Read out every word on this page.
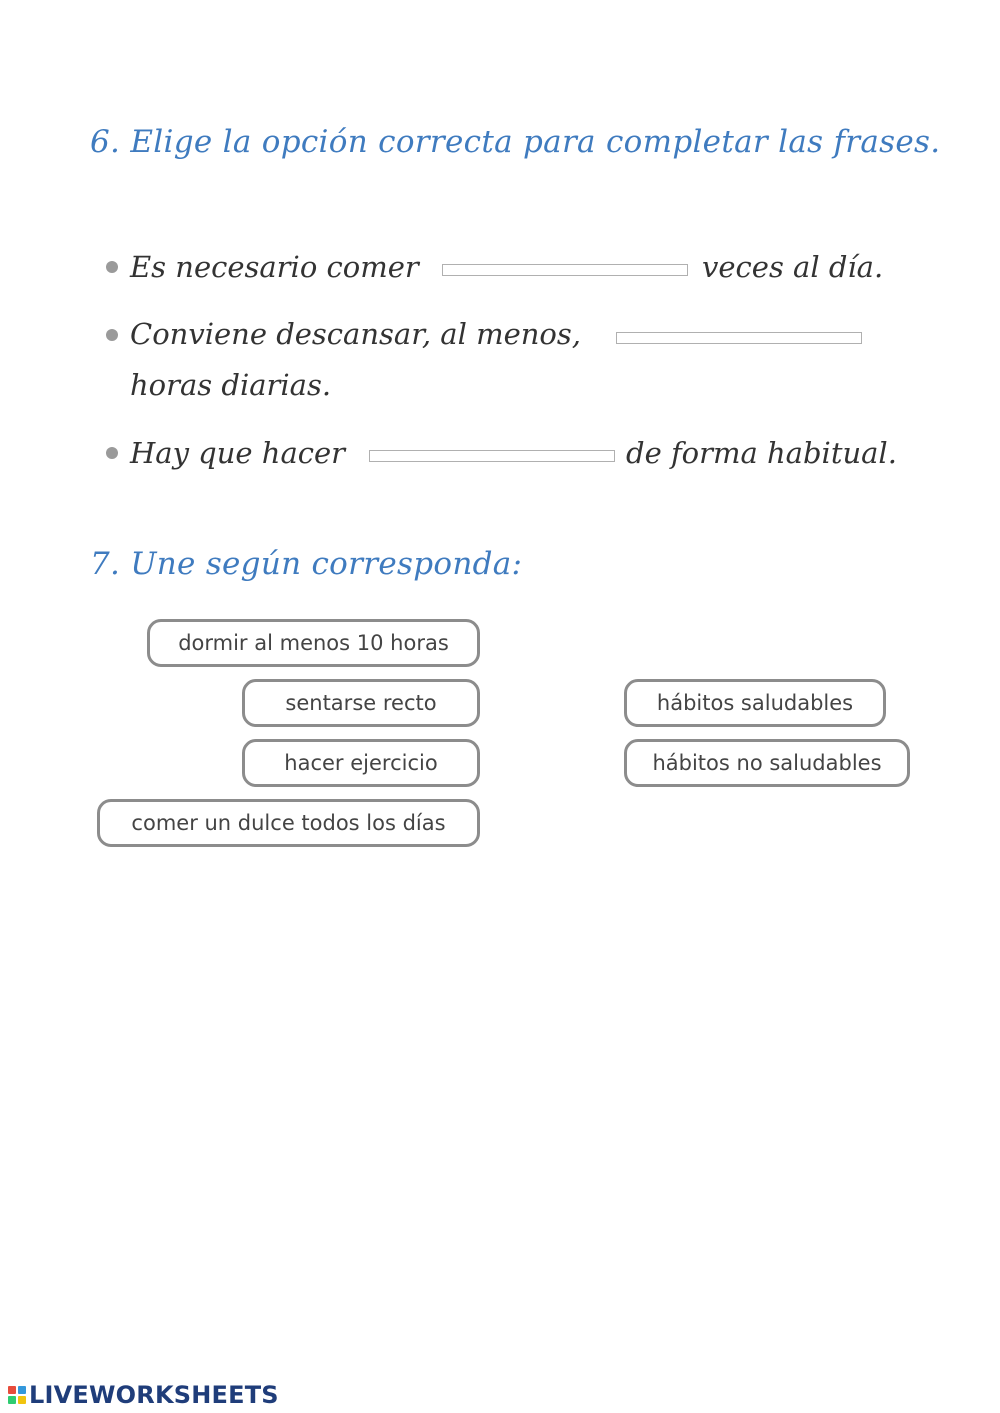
6. Elige la opción correcta para completar las frases.
Es necesario comer	veces al día.
Conviene descansar, al menos,
horas diarias.
Hay que hacer	de forma habitual.
7. Une según corresponda:
dormir al menos 10 horas
sentarse recto
hacer ejercicio
comer un dulce todos los días
hábitos saludables
hábitos no saludables
LIVEWORKSHEETS
